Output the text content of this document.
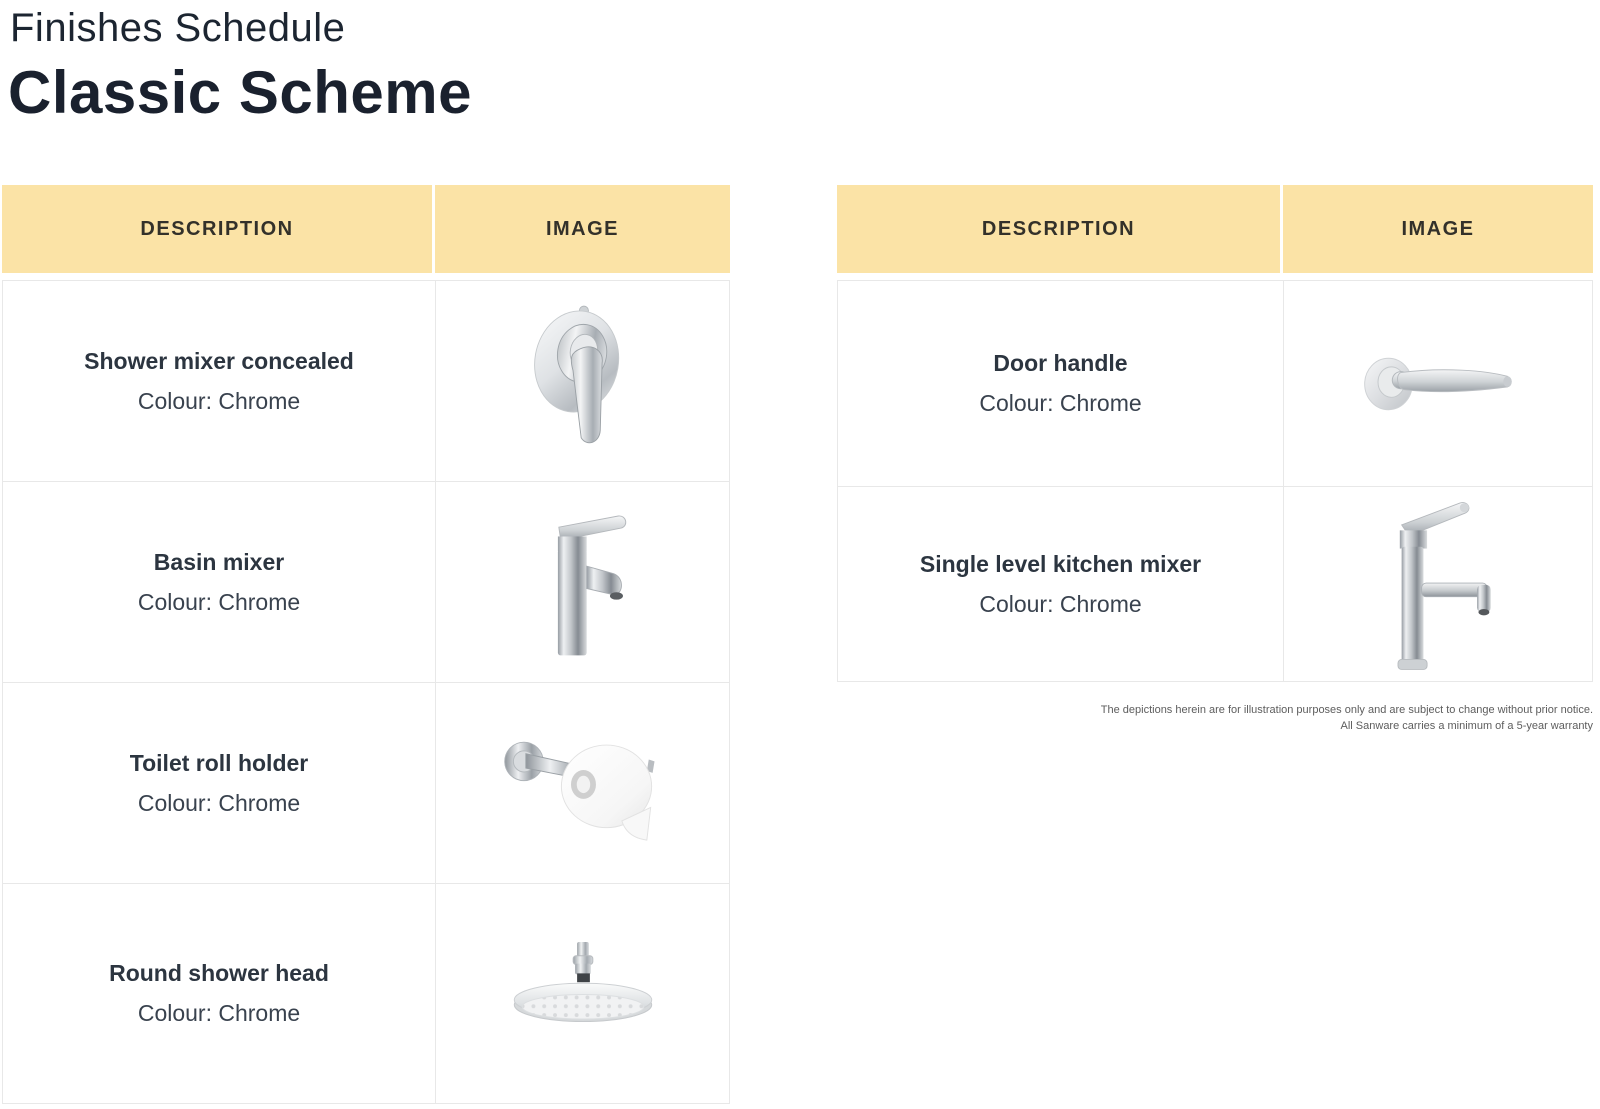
Finishes Schedule
Classic Scheme
DESCRIPTION	IMAGE
Shower mixer concealed
Colour: Chrome
Basin mixer
Colour: Chrome
Toilet roll holder
Colour: Chrome
Round shower head
Colour: Chrome
DESCRIPTION	IMAGE
Door handle
Colour: Chrome
Single level kitchen mixer
Colour: Chrome
The depictions herein are for illustration purposes only and are subject to change without prior notice.
All Sanware carries a minimum of a 5-year warranty
